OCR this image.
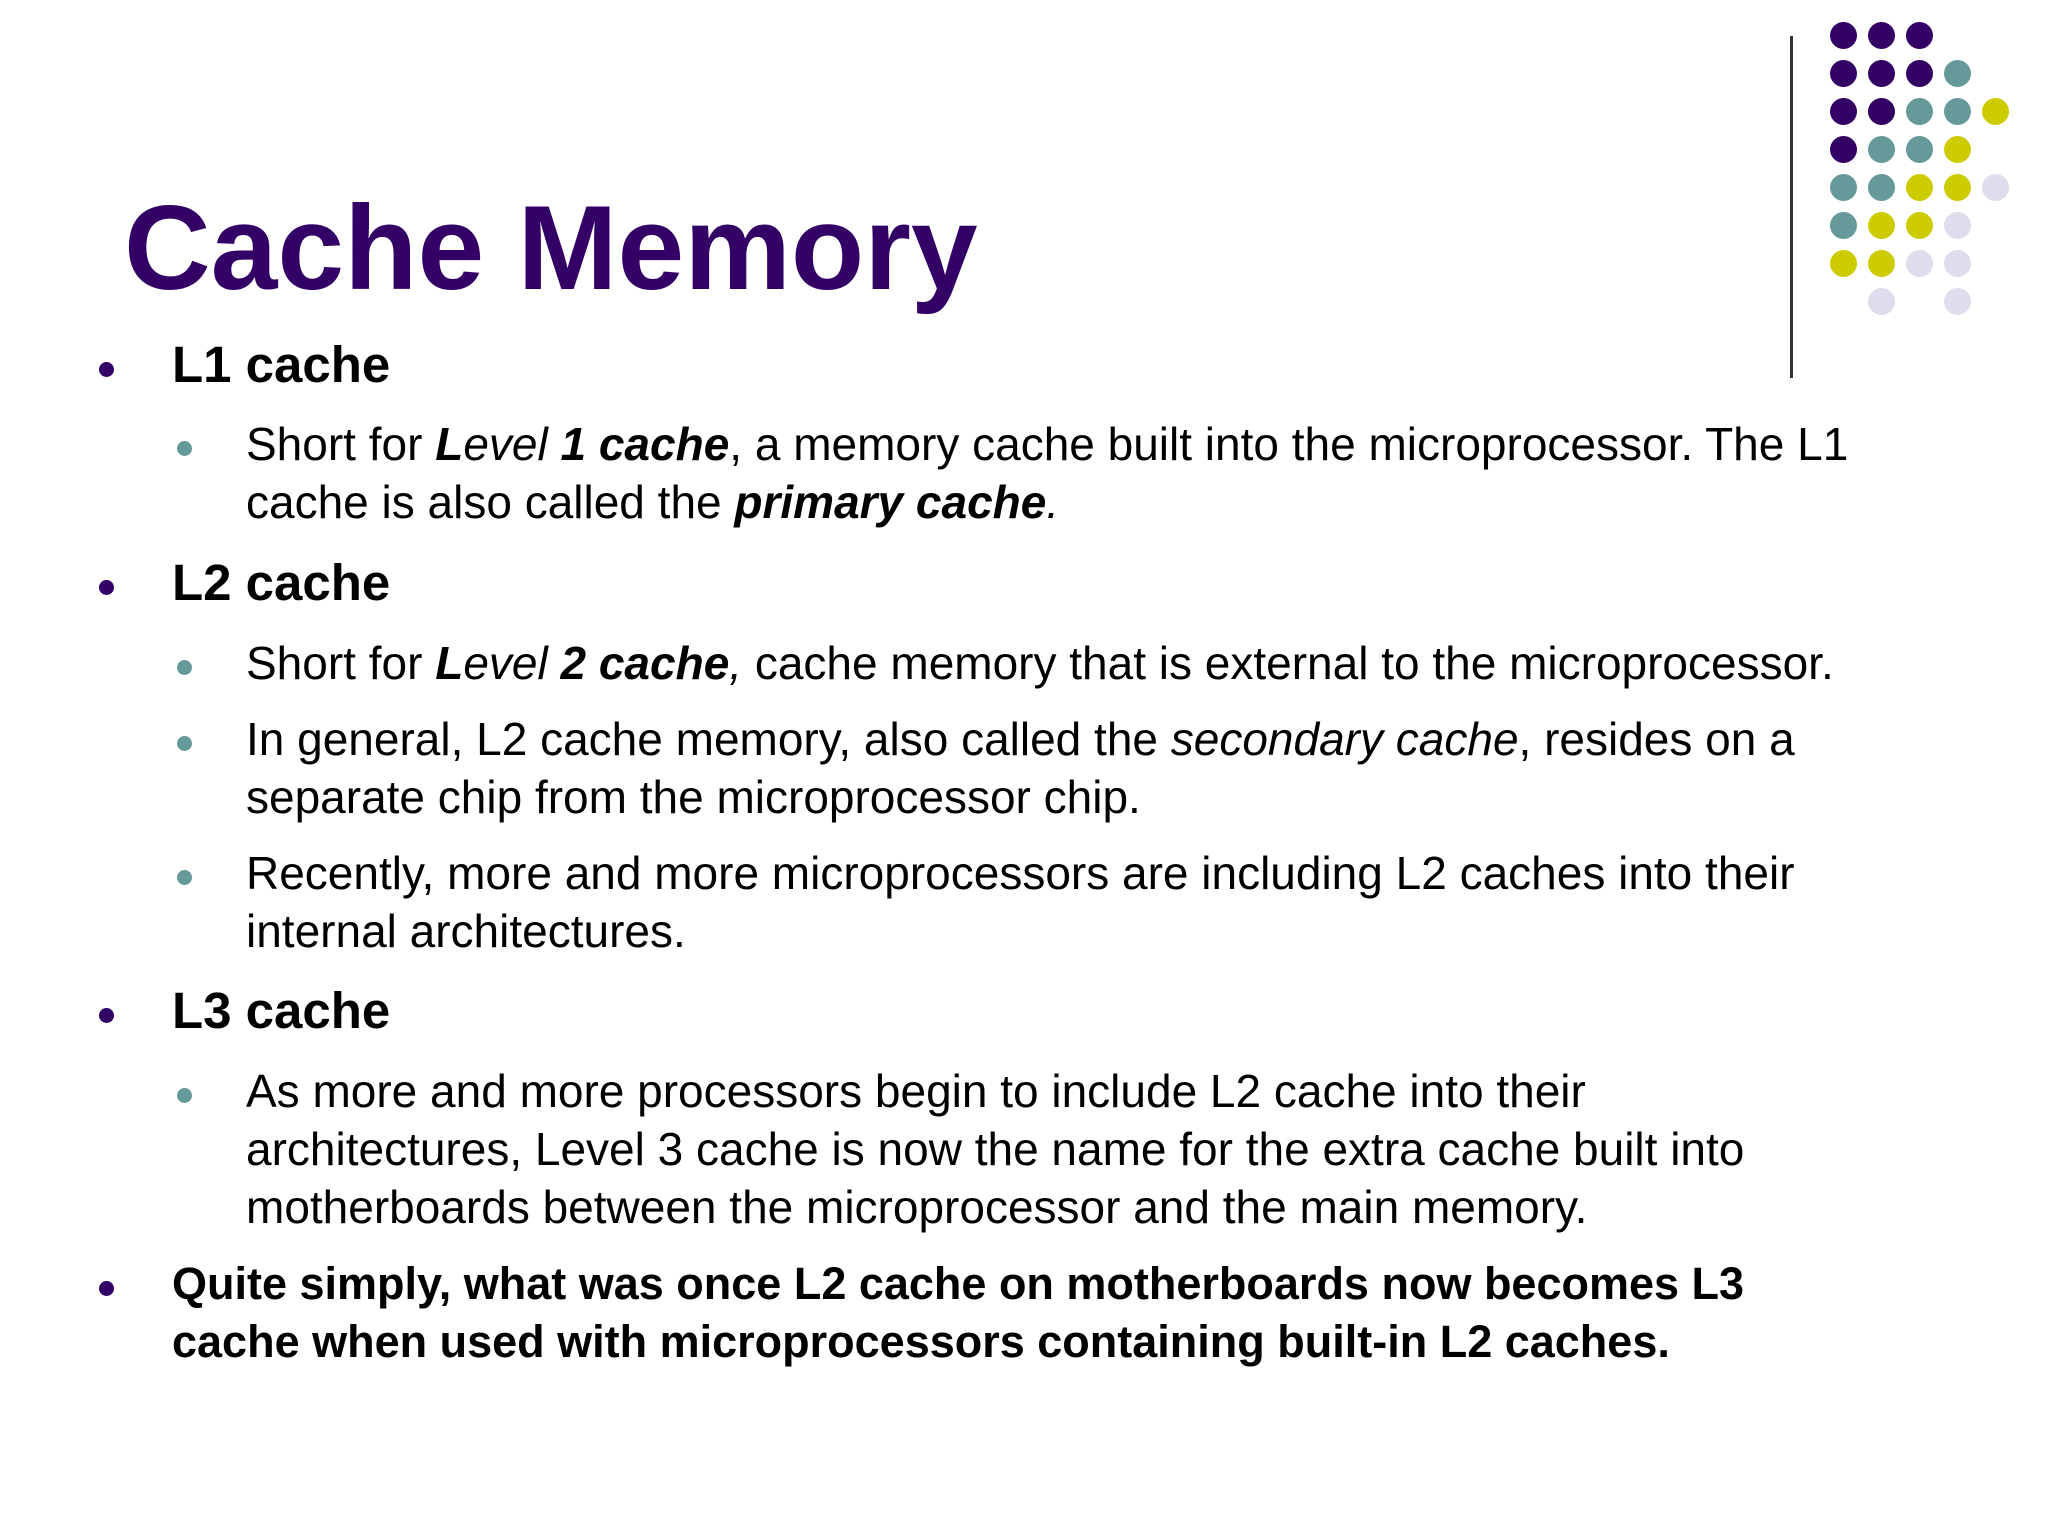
Cache Memory
L1 cache
Short for Level 1 cache, a memory cache built into the microprocessor. The L1
cache is also called the primary cache.
L2 cache
Short for Level 2 cache, cache memory that is external to the microprocessor.
In general, L2 cache memory, also called the secondary cache, resides on a
separate chip from the microprocessor chip.
Recently, more and more microprocessors are including L2 caches into their
internal architectures.
L3 cache
As more and more processors begin to include L2 cache into their
architectures, Level 3 cache is now the name for the extra cache built into
motherboards between the microprocessor and the main memory.
Quite simply, what was once L2 cache on motherboards now becomes L3
cache when used with microprocessors containing built-in L2 caches.
